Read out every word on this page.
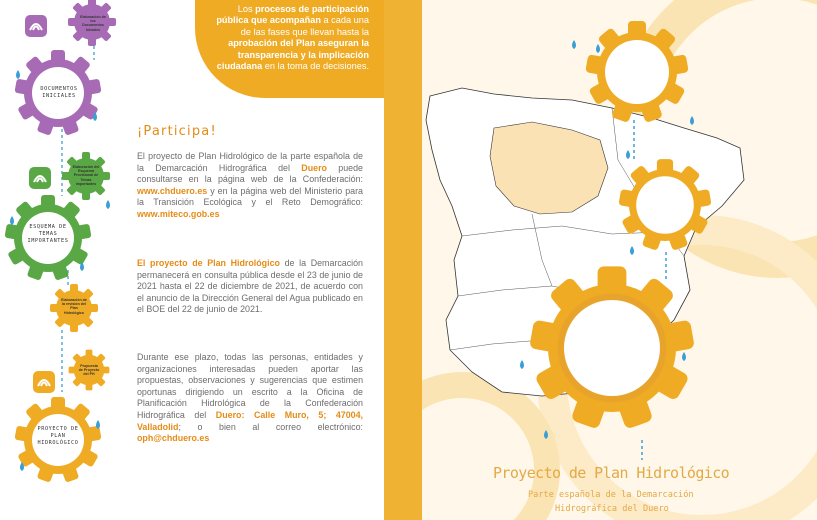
Elaboración de los Documentos Iniciales
DOCUMENTOS INICIALES
Elaboración del Esquema Provisional de Temas Importantes
ESQUEMA DE TEMAS IMPORTANTES
Elaboración de la revisión del Plan Hidrológico
Propuesta de Proyecto del PH
PROYECTO DE PLAN HIDROLÓGICO
¡Participa!
El proyecto de Plan Hidrológico de la parte española de la Demarcación Hidrográfica del Duero puede consultarse en la página web de la Confederación: www.chduero.es y en la página web del Ministerio para la Transición Ecológica y el Reto Demográfico: www.miteco.gob.es
El proyecto de Plan Hidrológico de la Demarcación permanecerá en consulta pública desde el 23 de junio de 2021 hasta el 22 de diciembre de 2021, de acuerdo con el anuncio de la Dirección General del Agua publicado en el BOE del 22 de junio de 2021.
Durante ese plazo, todas las personas, entidades y organizaciones interesadas pueden aportar las propuestas, observaciones y sugerencias que estimen oportunas dirigiendo un escrito a la Oficina de Planificación Hidrológica de la Confederación Hidrográfica del Duero: Calle Muro, 5; 47004, Valladolid; o bien al correo electrónico: oph@chduero.es
Los procesos de participación pública que acompañan a cada una de las fases que llevan hasta la aprobación del Plan aseguran la transparencia y la implicación ciudadana en la toma de decisiones.
Proyecto de Plan Hidrológico
Parte española de la Demarcación
Hidrográfica del Duero
